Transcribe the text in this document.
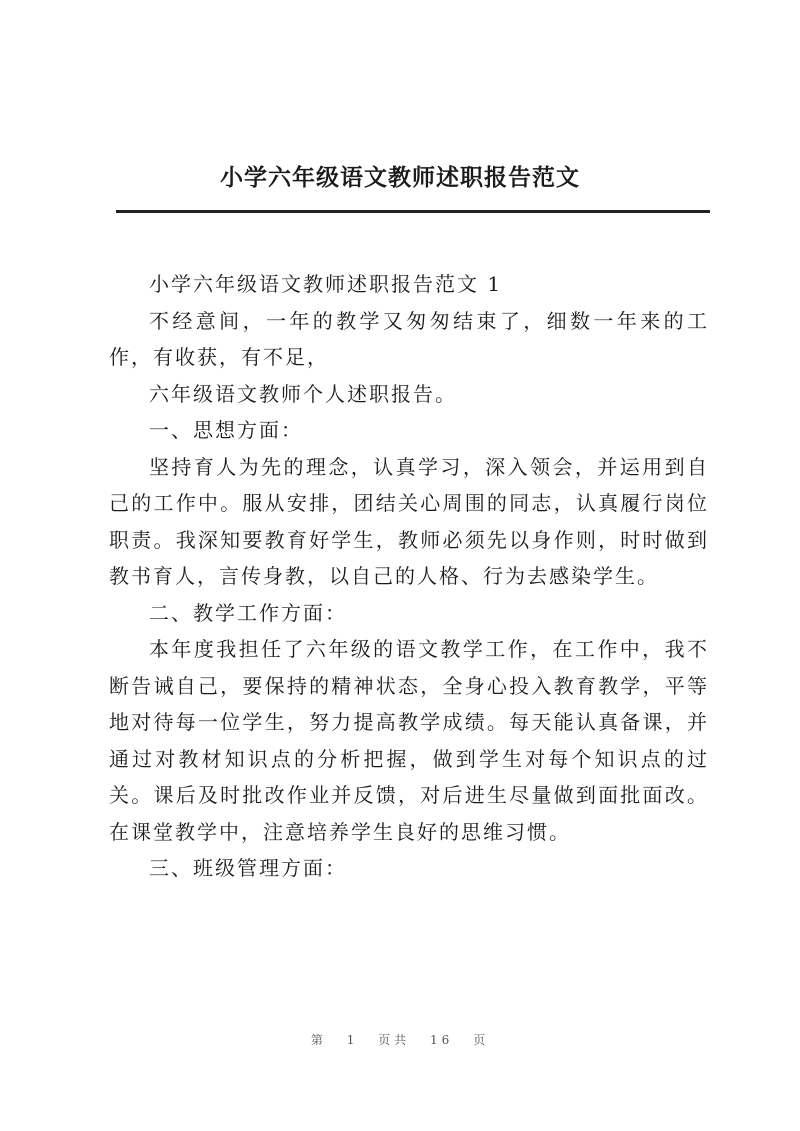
小学六年级语文教师述职报告范文

小学六年级语文教师述职报告范文 1

不经意间，一年的教学又匆匆结束了，细数一年来的工作，有收获，有不足，

六年级语文教师个人述职报告。

一、思想方面：

坚持育人为先的理念，认真学习，深入领会，并运用到自己的工作中。服从安排，团结关心周围的同志，认真履行岗位职责。我深知要教育好学生，教师必须先以身作则，时时做到教书育人，言传身教，以自己的人格、行为去感染学生。

二、教学工作方面：

本年度我担任了六年级的语文教学工作，在工作中，我不断告诫自己，要保持的精神状态，全身心投入教育教学，平等地对待每一位学生，努力提高教学成绩。每天能认真备课，并通过对教材知识点的分析把握，做到学生对每个知识点的过关。课后及时批改作业并反馈，对后进生尽量做到面批面改。在课堂教学中，注意培养学生良好的思维习惯。

三、班级管理方面：

第 1 页共 16 页
